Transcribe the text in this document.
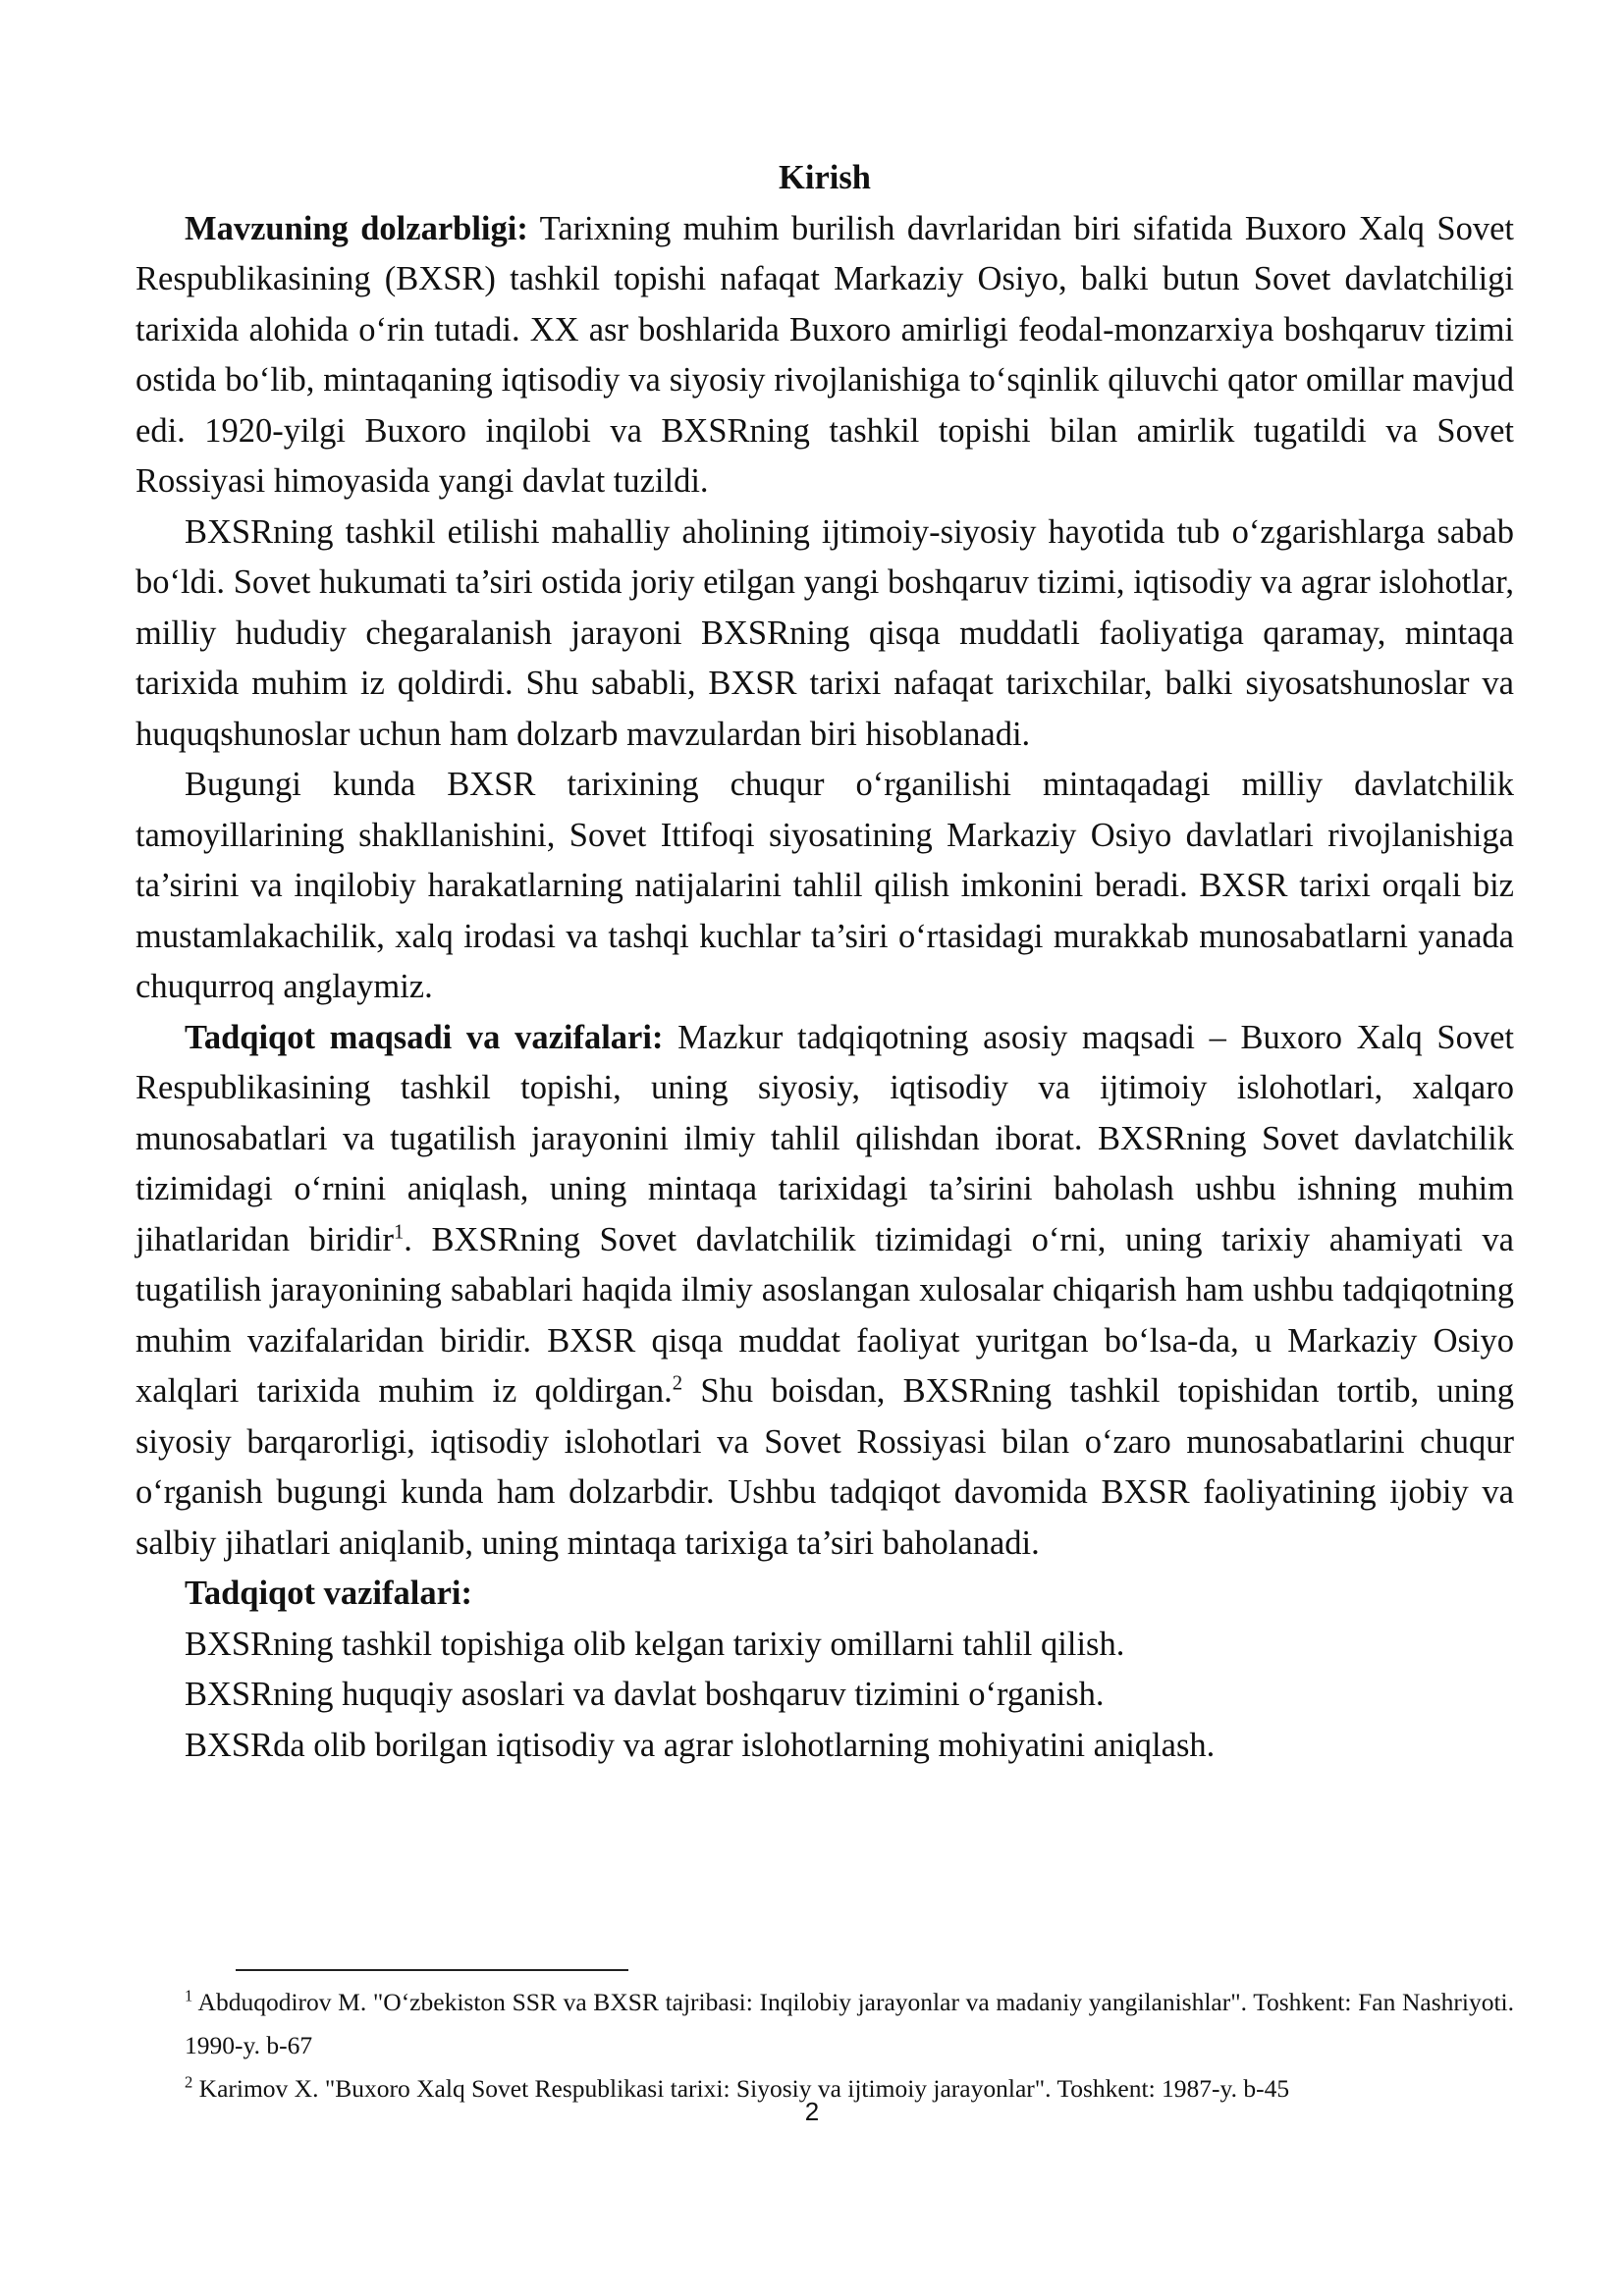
Kirish

Mavzuning dolzarbligi: Tarixning muhim burilish davrlaridan biri sifatida Buxoro Xalq Sovet Respublikasining (BXSR) tashkil topishi nafaqat Markaziy Osiyo, balki butun Sovet davlatchiligi tarixida alohida o‘rin tutadi. XX asr boshlarida Buxoro amirligi feodal-monzarxiya boshqaruv tizimi ostida bo‘lib, mintaqaning iqtisodiy va siyosiy rivojlanishiga to‘sqinlik qiluvchi qator omillar mavjud edi. 1920-yilgi Buxoro inqilobi va BXSRning tashkil topishi bilan amirlik tugatildi va Sovet Rossiyasi himoyasida yangi davlat tuzildi.

BXSRning tashkil etilishi mahalliy aholining ijtimoiy-siyosiy hayotida tub o‘zgarishlarga sabab bo‘ldi. Sovet hukumati ta’siri ostida joriy etilgan yangi boshqaruv tizimi, iqtisodiy va agrar islohotlar, milliy hududiy chegaralanish jarayoni BXSRning qisqa muddatli faoliyatiga qaramay, mintaqa tarixida muhim iz qoldirdi. Shu sababli, BXSR tarixi nafaqat tarixchilar, balki siyosatshunoslar va huquqshunoslar uchun ham dolzarb mavzulardan biri hisoblanadi.

Bugungi kunda BXSR tarixining chuqur o‘rganilishi mintaqadagi milliy davlatchilik tamoyillarining shakllanishini, Sovet Ittifoqi siyosatining Markaziy Osiyo davlatlari rivojlanishiga ta’sirini va inqilobiy harakatlarning natijalarini tahlil qilish imkonini beradi. BXSR tarixi orqali biz mustamlakachilik, xalq irodasi va tashqi kuchlar ta’siri o‘rtasidagi murakkab munosabatlarni yanada chuqurroq anglaymiz.

Tadqiqot maqsadi va vazifalari: Mazkur tadqiqotning asosiy maqsadi – Buxoro Xalq Sovet Respublikasining tashkil topishi, uning siyosiy, iqtisodiy va ijtimoiy islohotlari, xalqaro munosabatlari va tugatilish jarayonini ilmiy tahlil qilishdan iborat. BXSRning Sovet davlatchilik tizimidagi o‘rnini aniqlash, uning mintaqa tarixidagi ta’sirini baholash ushbu ishning muhim jihatlaridan biridir$^1$. BXSRning Sovet davlatchilik tizimidagi o‘rni, uning tarixiy ahamiyati va tugatilish jarayonining sabablari haqida ilmiy asoslangan xulosalar chiqarish ham ushbu tadqiqotning muhim vazifalaridan biridir. BXSR qisqa muddat faoliyat yuritgan bo‘lsa-da, u Markaziy Osiyo xalqlari tarixida muhim iz qoldirgan.$^2$ Shu boisdan, BXSRning tashkil topishidan tortib, uning siyosiy barqarorligi, iqtisodiy islohotlari va Sovet Rossiyasi bilan o‘zaro munosabatlarini chuqur o‘rganish bugungi kunda ham dolzarbdir. Ushbu tadqiqot davomida BXSR faoliyatining ijobiy va salbiy jihatlari aniqlanib, uning mintaqa tarixiga ta’siri baholanadi.

Tadqiqot vazifalari:

BXSRning tashkil topishiga olib kelgan tarixiy omillarni tahlil qilish.

BXSRning huquqiy asoslari va davlat boshqaruv tizimini o‘rganish.

BXSRda olib borilgan iqtisodiy va agrar islohotlarning mohiyatini aniqlash.

$^1$ Abduqodirov M. "O‘zbekiston SSR va BXSR tajribasi: Inqilobiy jarayonlar va madaniy yangilanishlar". Toshkent: Fan Nashriyoti. 1990-y. b-67

$^2$ Karimov X. "Buxoro Xalq Sovet Respublikasi tarixi: Siyosiy va ijtimoiy jarayonlar". Toshkent: 1987-y. b-45

2
